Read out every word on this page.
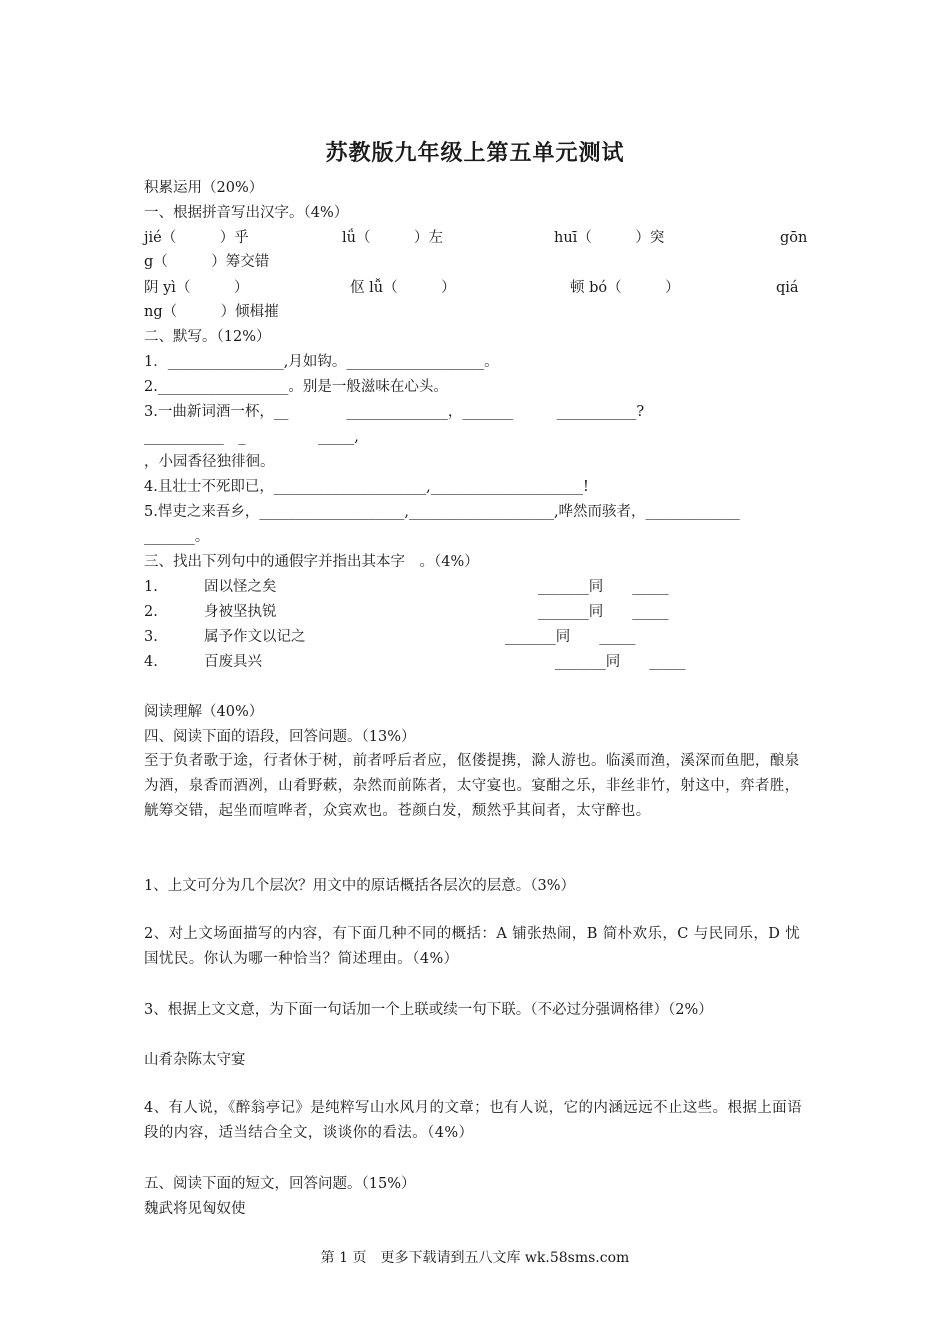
苏教版九年级上第五单元测试
积累运用（20%）
一、根据拼音写出汉字。（4%）
jié（　　　）乎	lǘ（　　　）左	huī（　　　）突	gōn
g（　　　）筹交错
阴 yì（　　　）	伛 lǚ（　　　）	顿 bó（　　　）	qiá
ng（　　　）倾楫摧
二、默写。（12%）
1．________________,月如钩。___________________。
2.__________________。别是一般滋味在心头。
3.一曲新词酒一杯，__　　　　______________，_______　　　___________?
___________　_　　　　　_____,
，小园香径独徘徊。
4.且壮士不死即已，_____________________,_____________________!
5.悍吏之来吾乡，____________________,____________________,哗然而骇者，_____________
_______。
三、找出下列句中的通假字并指出其本字　。（4%）
1.	固以怪之矣	_______同　　_____
2.	身被坚执锐	_______同　　_____
3.	属予作文以记之	_______同　　_____
4.	百废具兴	_______同　　_____
阅读理解（40%）
四、阅读下面的语段，回答问题。（13%）
至于负者歌于途，行者休于树，前者呼后者应，伛偻提携，滁人游也。临溪而渔，溪深而鱼肥，酿泉为酒，泉香而酒冽，山肴野蔌，杂然而前陈者，太守宴也。宴酣之乐，非丝非竹，射这中，弈者胜，觥筹交错，起坐而喧哗者，众宾欢也。苍颜白发，颓然乎其间者，太守醉也。
1、上文可分为几个层次？用文中的原话概括各层次的层意。（3%）
2、对上文场面描写的内容，有下面几种不同的概括：A 铺张热闹，B 简朴欢乐，C 与民同乐，D 忧国忧民。你认为哪一种恰当？简述理由。（4%）
3、根据上文文意，为下面一句话加一个上联或续一句下联。（不必过分强调格律）（2%）
山肴杂陈太守宴
4、有人说，《醉翁亭记》是纯粹写山水风月的文章；也有人说，它的内涵远远不止这些。根据上面语段的内容，适当结合全文，谈谈你的看法。（4%）
五、阅读下面的短文，回答问题。（15%）
魏武将见匈奴使
第 1 页　更多下载请到五八文库 wk.58sms.com
